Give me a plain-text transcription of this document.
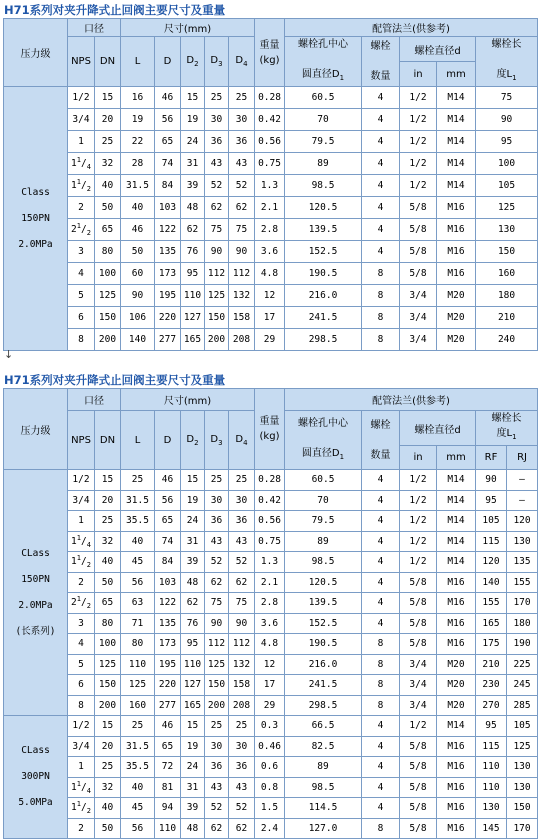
H71系列对夹升降式止回阀主要尺寸及重量
压力级	口径		尺寸(mm)					重量
(kg)	配管法兰(供参考)				
	NPS	DN	L	D	$D_2$	$D_3$	$D_4$		螺栓孔中心

圆直径$D_1$	螺栓

数量	螺栓直径d		螺栓长

度$L_1$
											in	mm	

Class
150PN
2.0MPa	1/2	15	16	46	15	25	25	0.28	60.5	4	1/2	M14	75
	3/4	20	19	56	19	30	30	0.42	70	4	1/2	M14	90
	1	25	22	65	24	36	36	0.56	79.5	4	1/2	M14	95
	$1^1/_4$	32	28	74	31	43	43	0.75	89	4	1/2	M14	100
	$1^1/_2$	40	31.5	84	39	52	52	1.3	98.5	4	1/2	M14	105
	2	50	40	103	48	62	62	2.1	120.5	4	5/8	M16	125
	$2^1/_2$	65	46	122	62	75	75	2.8	139.5	4	5/8	M16	130
	3	80	50	135	76	90	90	3.6	152.5	4	5/8	M16	150
	4	100	60	173	95	112	112	4.8	190.5	8	5/8	M16	160
	5	125	90	195	110	125	132	12	216.0	8	3/4	M20	180
	6	150	106	220	127	150	158	17	241.5	8	3/4	M20	210
	8	200	140	277	165	200	208	29	298.5	8	3/4	M20	240
↓
H71系列对夹升降式止回阀主要尺寸及重量
压力级	口径		尺寸(mm)					重量
(kg)	配管法兰(供参考)					
	NPS	DN	L	D	$D_2$	$D_3$	$D_4$		螺栓孔中心

圆直径$D_1$	螺栓

数量	螺栓直径d		螺栓长
度$L_1$
											in	mm	RF	RJ

CLass
150PN
2.0MPa
(长系列)	1/2	15	25	46	15	25	25	0.28	60.5	4	1/2	M14	90	—
	3/4	20	31.5	56	19	30	30	0.42	70	4	1/2	M14	95	—
	1	25	35.5	65	24	36	36	0.56	79.5	4	1/2	M14	105	120
	$1^1/_4$	32	40	74	31	43	43	0.75	89	4	1/2	M14	115	130
	$1^1/_2$	40	45	84	39	52	52	1.3	98.5	4	1/2	M14	120	135
	2	50	56	103	48	62	62	2.1	120.5	4	5/8	M16	140	155
	$2^1/_2$	65	63	122	62	75	75	2.8	139.5	4	5/8	M16	155	170
	3	80	71	135	76	90	90	3.6	152.5	4	5/8	M16	165	180
	4	100	80	173	95	112	112	4.8	190.5	8	5/8	M16	175	190
	5	125	110	195	110	125	132	12	216.0	8	3/4	M20	210	225
	6	150	125	220	127	150	158	17	241.5	8	3/4	M20	230	245
	8	200	160	277	165	200	208	29	298.5	8	3/4	M20	270	285

CLass
300PN
5.0MPa	1/2	15	25	46	15	25	25	0.3	66.5	4	1/2	M14	95	105
	3/4	20	31.5	65	19	30	30	0.46	82.5	4	5/8	M16	115	125
	1	25	35.5	72	24	36	36	0.6	89	4	5/8	M16	110	130
	$1^1/_4$	32	40	81	31	43	43	0.8	98.5	4	5/8	M16	110	130
	$1^1/_2$	40	45	94	39	52	52	1.5	114.5	4	5/8	M16	130	150
	2	50	56	110	48	62	62	2.4	127.0	8	5/8	M16	145	170
